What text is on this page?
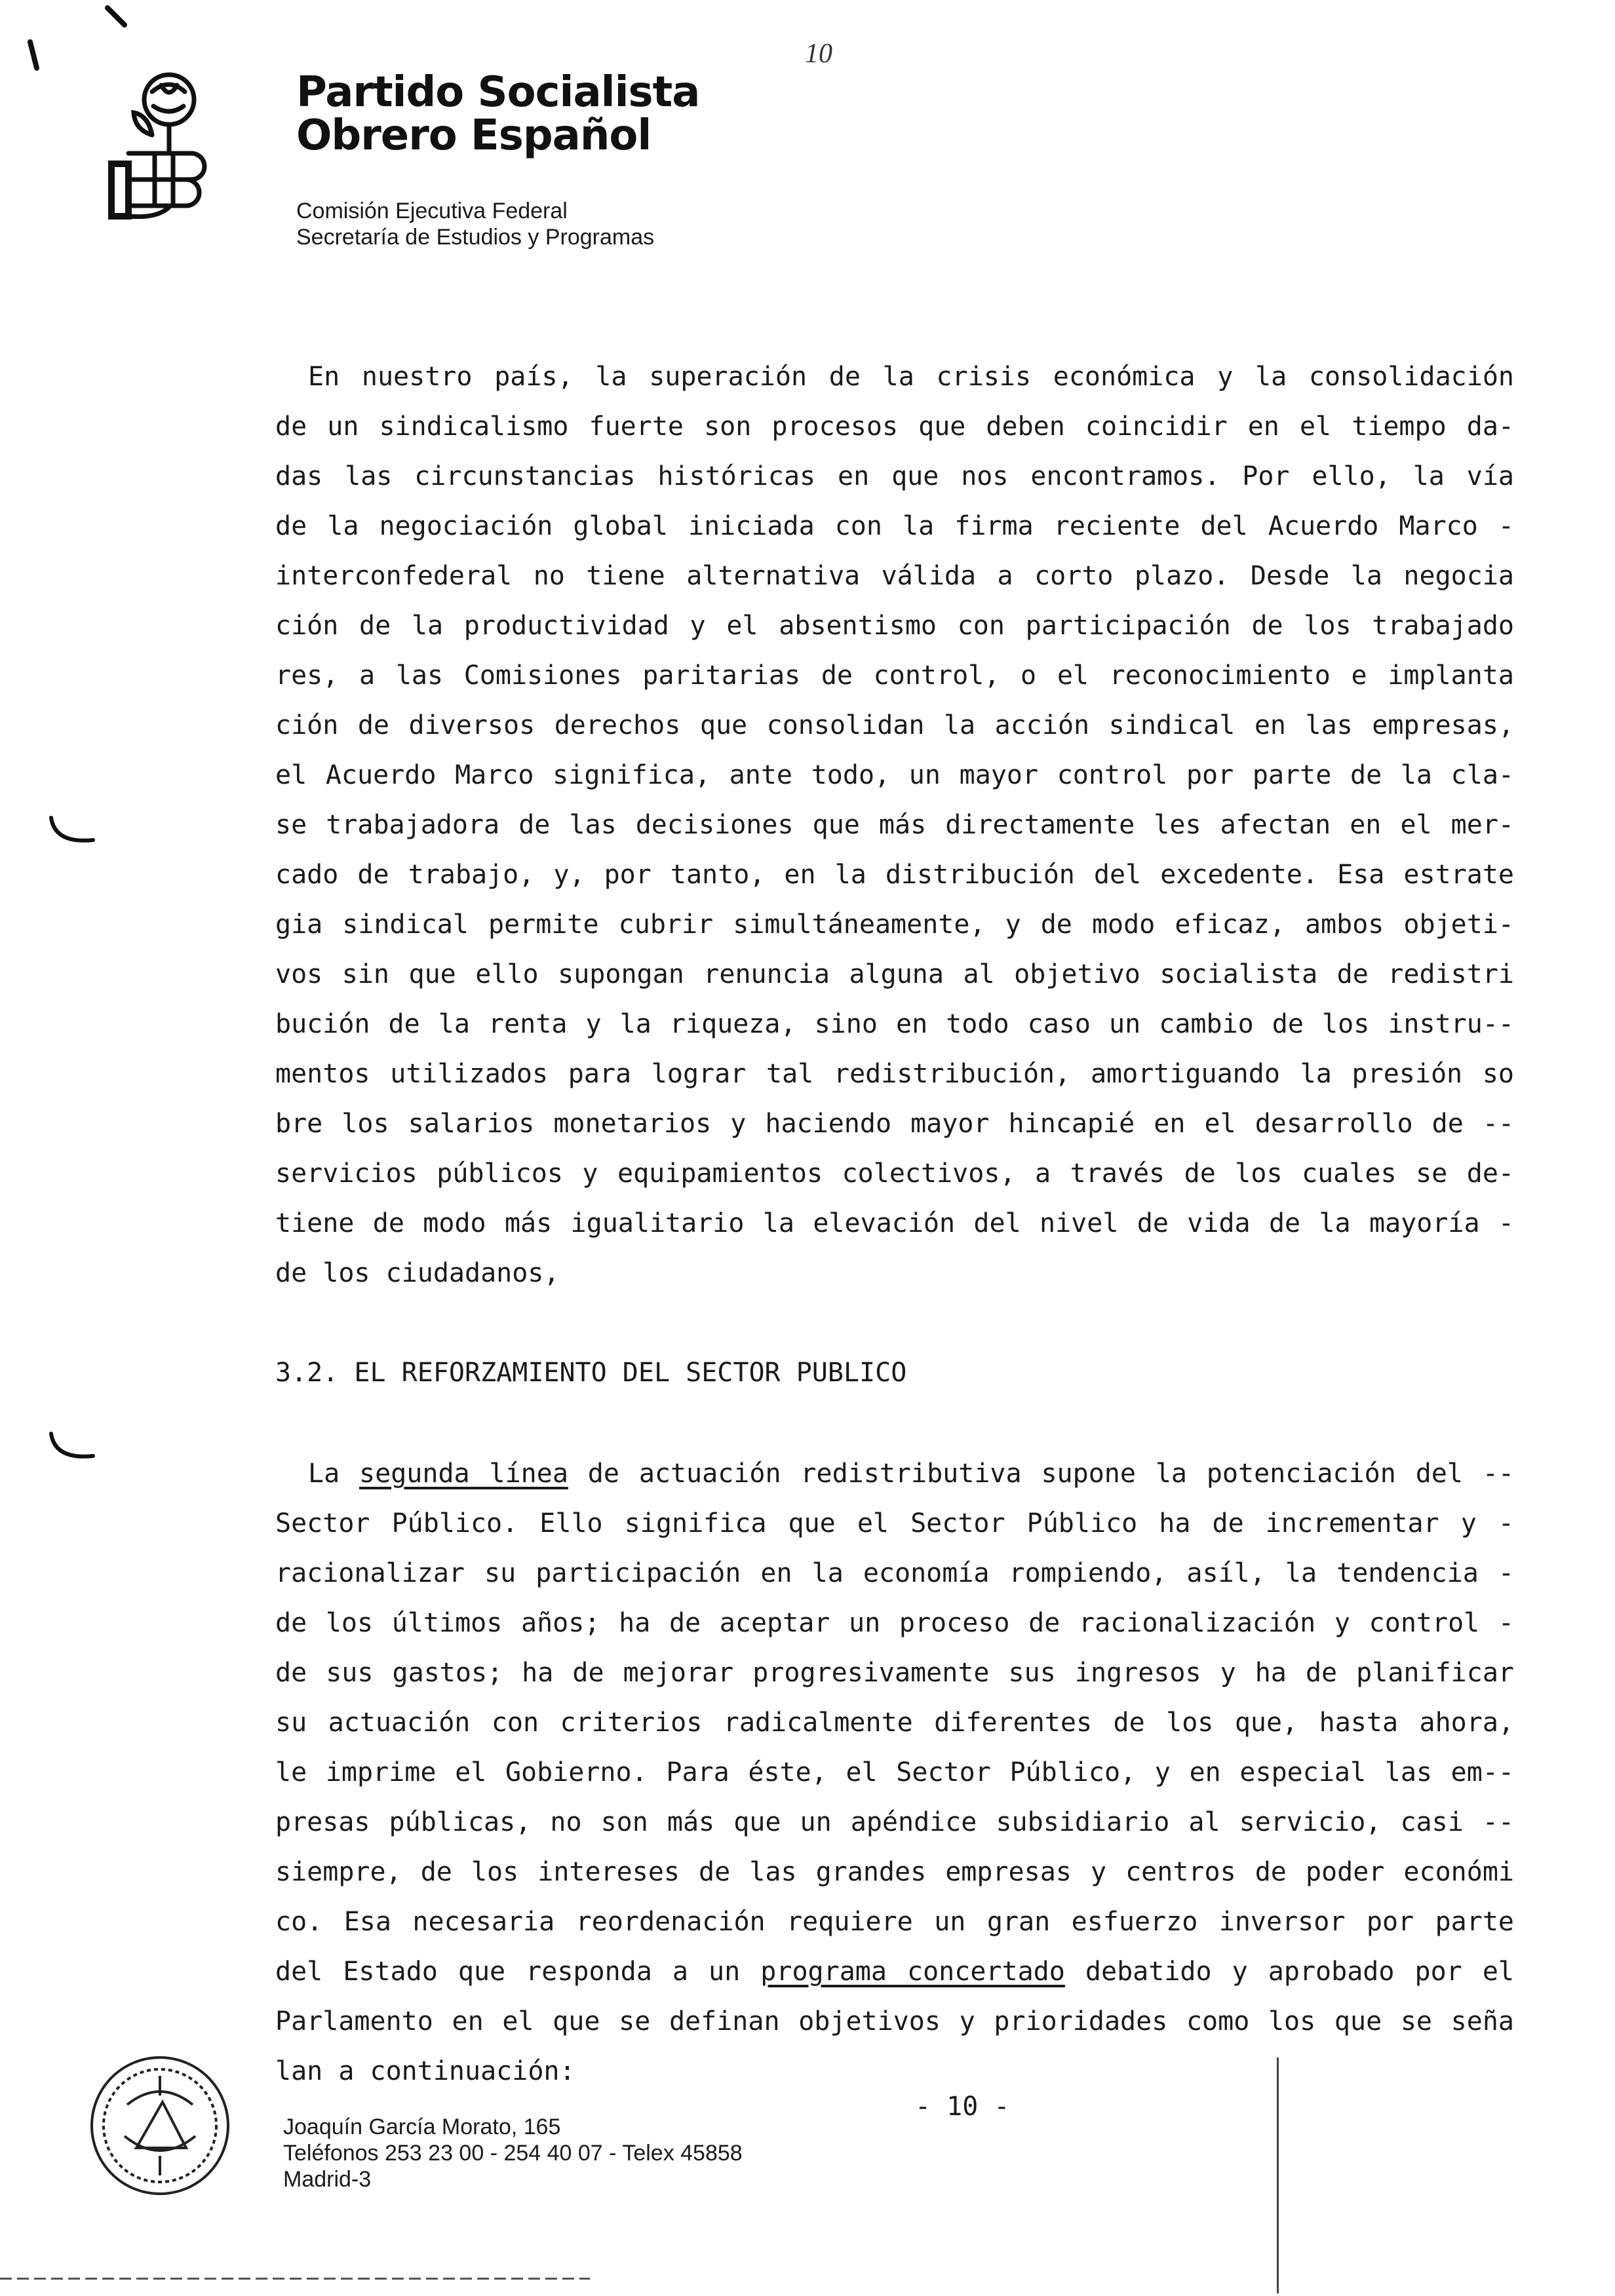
Partido Socialista
Obrero Español
Comisión Ejecutiva Federal
Secretaría de Estudios y Programas
10

En nuestro país, la superación de la crisis económica y la consolidación

de un sindicalismo fuerte son procesos que deben coincidir en el tiempo da-

das las circunstancias históricas en que nos encontramos. Por ello, la vía

de la negociación global iniciada con la firma reciente del Acuerdo Marco -

interconfederal no tiene alternativa válida a corto plazo. Desde la negocia

ción de la productividad y el absentismo con participación de los trabajado

res, a las Comisiones paritarias de control, o el reconocimiento e implanta

ción de diversos derechos que consolidan la acción sindical en las empresas,

el Acuerdo Marco significa, ante todo, un mayor control por parte de la cla-

se trabajadora de las decisiones que más directamente les afectan en el mer-

cado de trabajo, y, por tanto, en la distribución del excedente. Esa estrate

gia sindical permite cubrir simultáneamente, y de modo eficaz, ambos objeti-

vos sin que ello supongan renuncia alguna al objetivo socialista de redistri

bución de la renta y la riqueza, sino en todo caso un cambio de los instru--

mentos utilizados para lograr tal redistribución, amortiguando la presión so

bre los salarios monetarios y haciendo mayor hincapié en el desarrollo de --

servicios públicos y equipamientos colectivos, a través de los cuales se de-

tiene de modo más igualitario la elevación del nivel de vida de la mayoría -

de los ciudadanos,

3.2. EL REFORZAMIENTO DEL SECTOR PUBLICO

La segunda línea de actuación redistributiva supone la potenciación del --

Sector Público. Ello significa que el Sector Público ha de incrementar y -

racionalizar su participación en la economía rompiendo, asíl, la tendencia -

de los últimos años; ha de aceptar un proceso de racionalización y control -

de sus gastos; ha de mejorar progresivamente sus ingresos y ha de planificar

su actuación con criterios radicalmente diferentes de los que, hasta ahora,

le imprime el Gobierno. Para éste, el Sector Público, y en especial las em--

presas públicas, no son más que un apéndice subsidiario al servicio, casi --

siempre, de los intereses de las grandes empresas y centros de poder económi

co. Esa necesaria reordenación requiere un gran esfuerzo inversor por parte

del Estado que responda a un programa concertado debatido y aprobado por el

Parlamento en el que se definan objetivos y prioridades como los que se seña

lan a continuación:

Joaquín García Morato, 165
Teléfonos 253 23 00 - 254 40 07 - Telex 45858
Madrid-3
- 10 -
